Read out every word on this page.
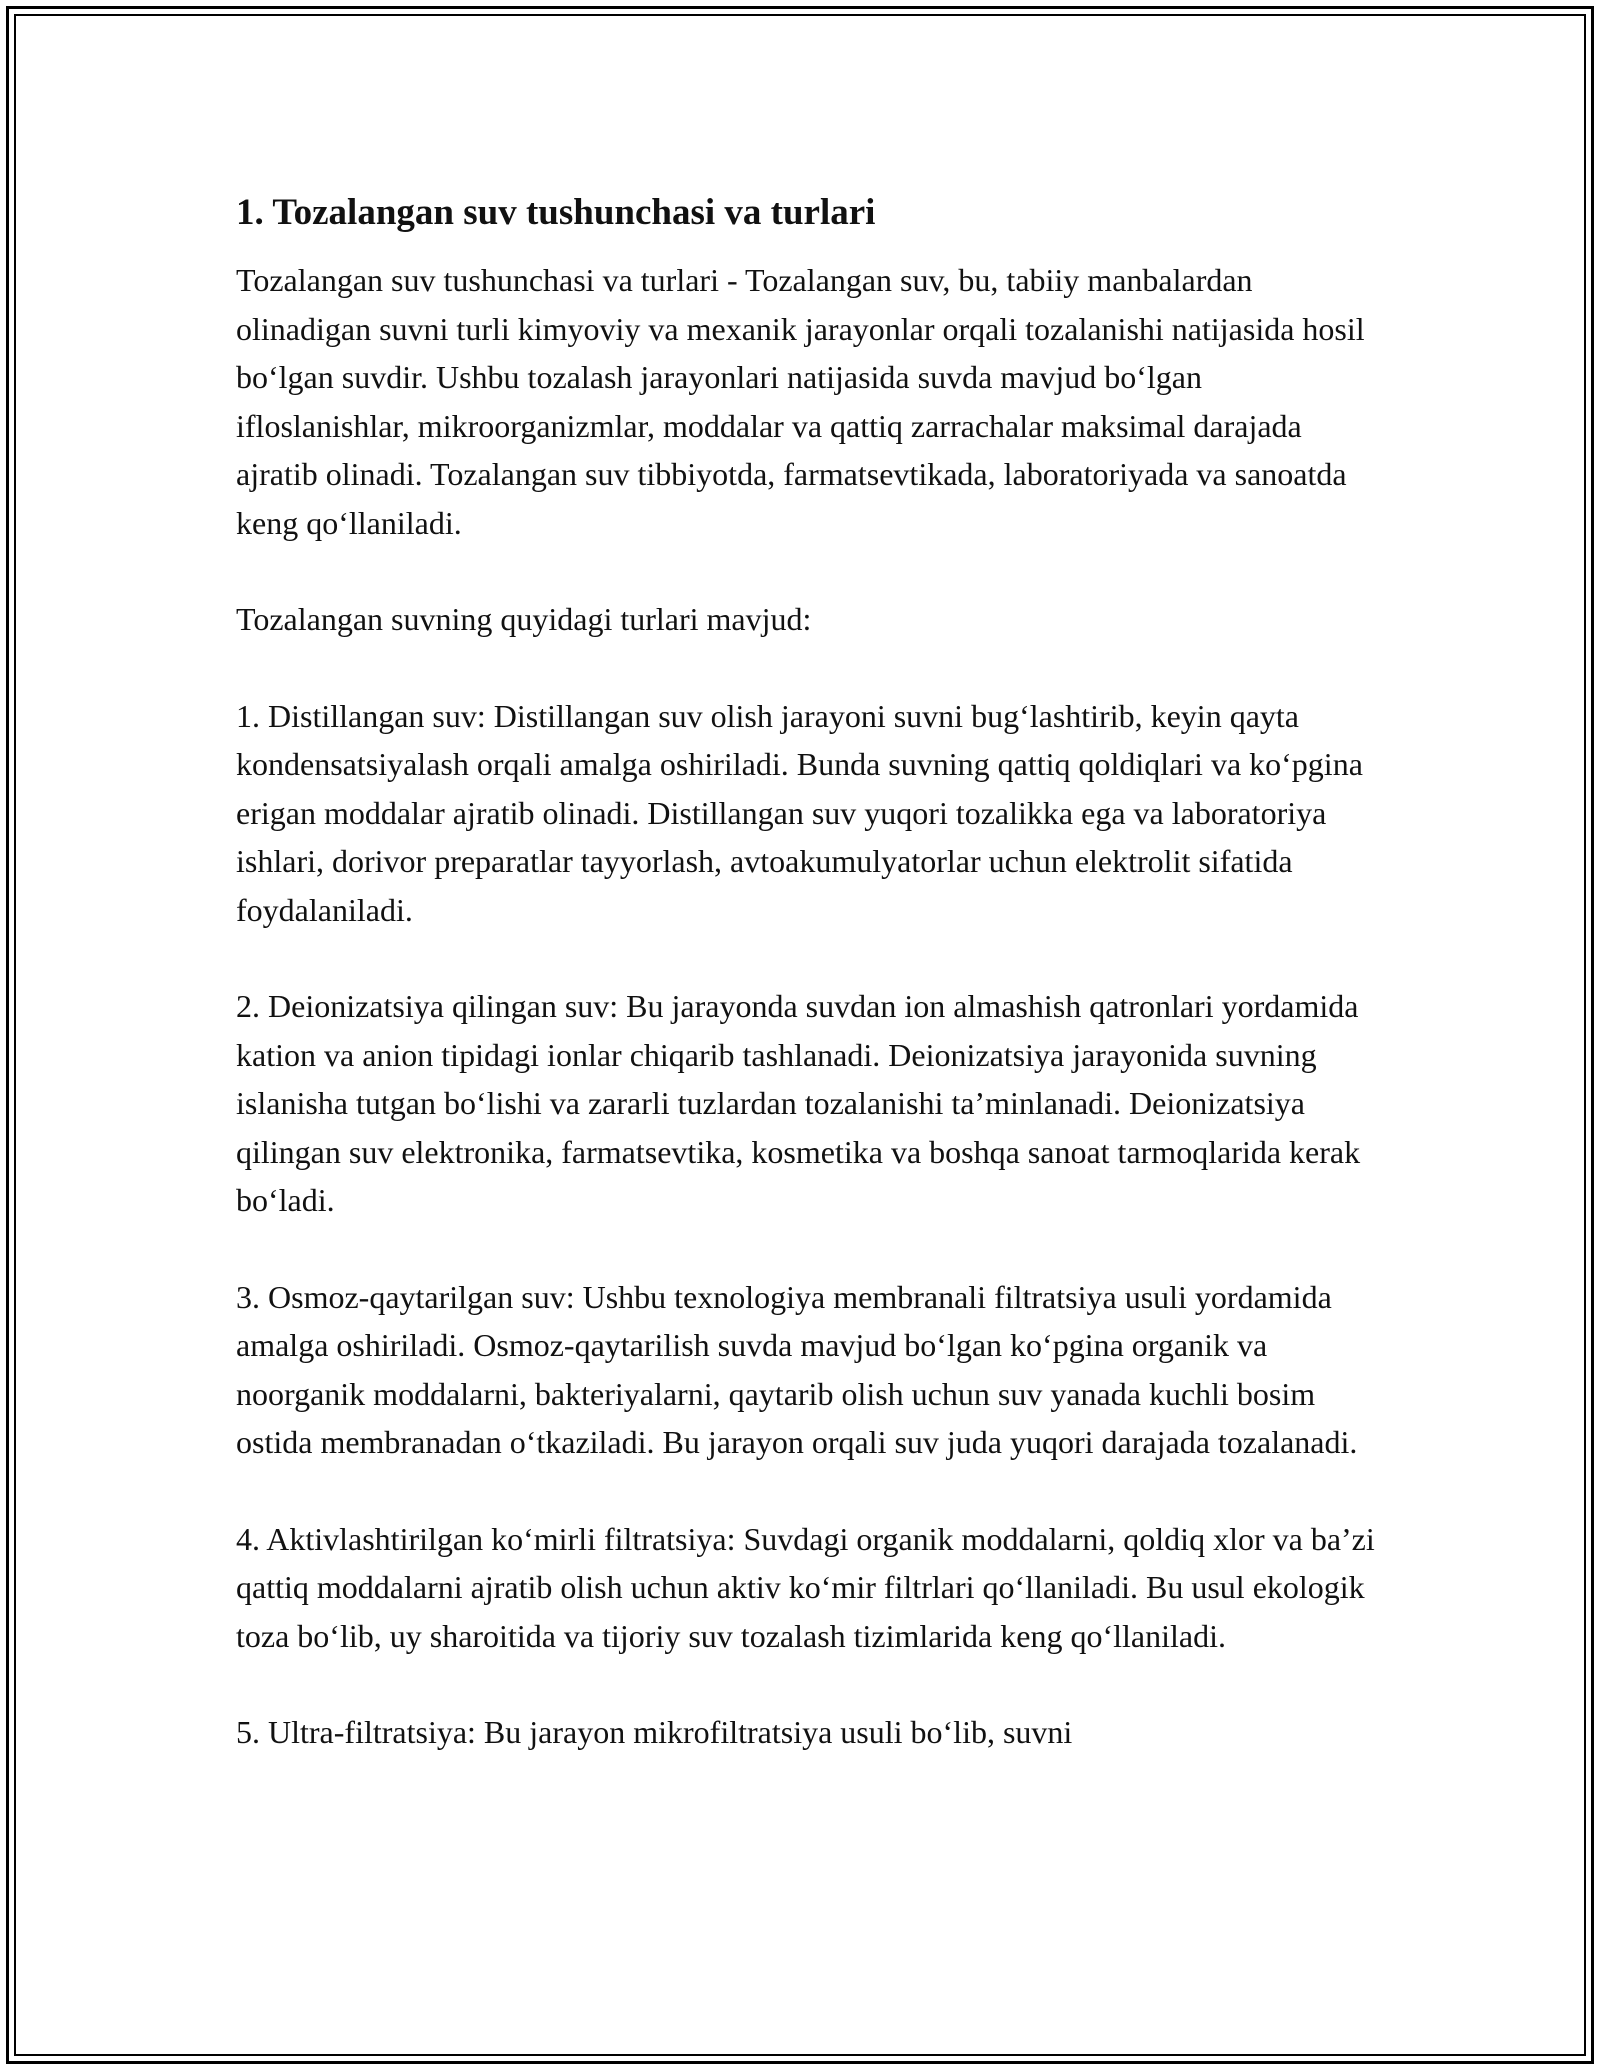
1. Tozalangan suv tushunchasi va turlari

Tozalangan suv tushunchasi va turlari - Tozalangan suv, bu, tabiiy manbalardan olinadigan suvni turli kimyoviy va mexanik jarayonlar orqali tozalanishi natijasida hosil bo‘lgan suvdir. Ushbu tozalash jarayonlari natijasida suvda mavjud bo‘lgan ifloslanishlar, mikroorganizmlar, moddalar va qattiq zarrachalar maksimal darajada ajratib olinadi. Tozalangan suv tibbiyotda, farmatsevtikada, laboratoriyada va sanoatda keng qo‘llaniladi.

Tozalangan suvning quyidagi turlari mavjud:

1. Distillangan suv: Distillangan suv olish jarayoni suvni bug‘lashtirib, keyin qayta kondensatsiyalash orqali amalga oshiriladi. Bunda suvning qattiq qoldiqlari va ko‘pgina erigan moddalar ajratib olinadi. Distillangan suv yuqori tozalikka ega va laboratoriya ishlari, dorivor preparatlar tayyorlash, avtoakumulyatorlar uchun elektrolit sifatida foydalaniladi.

2. Deionizatsiya qilingan suv: Bu jarayonda suvdan ion almashish qatronlari yordamida kation va anion tipidagi ionlar chiqarib tashlanadi. Deionizatsiya jarayonida suvning islanisha tutgan bo‘lishi va zararli tuzlardan tozalanishi ta’minlanadi. Deionizatsiya qilingan suv elektronika, farmatsevtika, kosmetika va boshqa sanoat tarmoqlarida kerak bo‘ladi.

3. Osmoz-qaytarilgan suv: Ushbu texnologiya membranali filtratsiya usuli yordamida amalga oshiriladi. Osmoz-qaytarilish suvda mavjud bo‘lgan ko‘pgina organik va noorganik moddalarni, bakteriyalarni, qaytarib olish uchun suv yanada kuchli bosim ostida membranadan o‘tkaziladi. Bu jarayon orqali suv juda yuqori darajada tozalanadi.

4. Aktivlashtirilgan ko‘mirli filtratsiya: Suvdagi organik moddalarni, qoldiq xlor va ba’zi qattiq moddalarni ajratib olish uchun aktiv ko‘mir filtrlari qo‘llaniladi. Bu usul ekologik toza bo‘lib, uy sharoitida va tijoriy suv tozalash tizimlarida keng qo‘llaniladi.

5. Ultra-filtratsiya: Bu jarayon mikrofiltratsiya usuli bo‘lib, suvni
